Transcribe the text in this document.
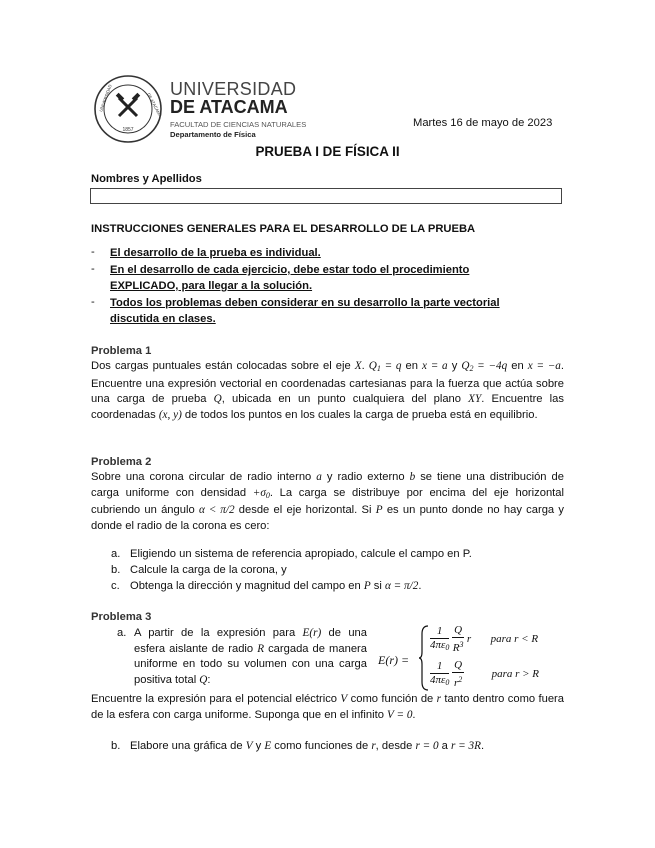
1857
UNIVERSIDAD	DE ATACAMA
UNIVERSIDAD
DE ATACAMA
FACULTAD DE CIENCIAS NATURALES
Departamento de Física
Martes 16 de mayo de 2023
PRUEBA I DE FÍSICA II
Nombres y Apellidos
INSTRUCCIONES GENERALES PARA EL DESARROLLO DE LA PRUEBA
- El desarrollo de la prueba es individual.
- En el desarrollo de cada ejercicio, debe estar todo el procedimiento
EXPLICADO, para llegar a la solución.
- Todos los problemas deben considerar en su desarrollo la parte vectorial
discutida en clases.
Problema 1
Dos cargas puntuales están colocadas sobre el eje X. $Q_1 = q$ en x = a y $Q_2 = -4q$ en x = −a. Encuentre una expresión vectorial en coordenadas cartesianas para la fuerza que actúa sobre una carga de prueba Q, ubicada en un punto cualquiera del plano XY. Encuentre las coordenadas (x, y) de todos los puntos en los cuales la carga de prueba está en equilibrio.
Problema 2
Sobre una corona circular de radio interno a y radio externo b se tiene una distribución de carga uniforme con densidad $+\sigma_0$. La carga se distribuye por encima del eje horizontal cubriendo un ángulo α < π/2 desde el eje horizontal. Si P es un punto donde no hay carga y donde el radio de la corona es cero:
a. Eligiendo un sistema de referencia apropiado, calcule el campo en P.
b. Calcule la carga de la corona, y
c. Obtenga la dirección y magnitud del campo en P si α = π/2.
Problema 3
a. A partir de la expresión para E(r) de una esfera aislante de radio R cargada de manera uniforme en todo su volumen con una carga positiva total Q:
E(r) =
$\frac{1}{4\pi\varepsilon_0}$
$\frac{Q}{R^3}$ r para r < R
$\frac{1}{4\pi\varepsilon_0}$
$\frac{Q}{r^2}$	para r > R
Encuentre la expresión para el potencial eléctrico V como función de r tanto dentro como fuera de la esfera con carga uniforme. Suponga que en el infinito V = 0.
b. Elabore una gráfica de V y E como funciones de r, desde r = 0 a r = 3R.
